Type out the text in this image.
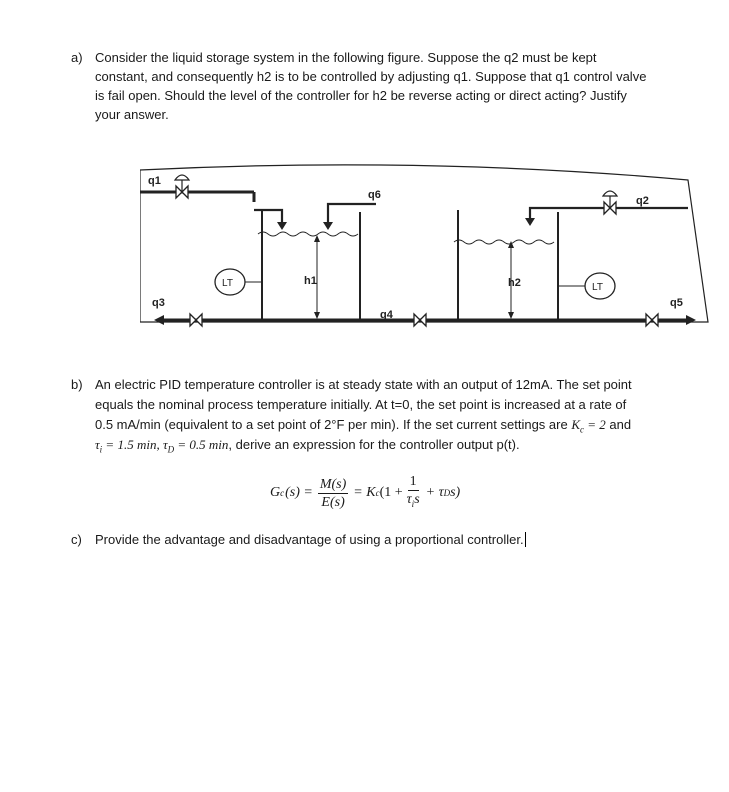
a) Consider the liquid storage system in the following figure. Suppose the q2 must be kept
constant, and consequently h2 is to be controlled by adjusting q1. Suppose that q1 control valve
is fail open. Should the level of the controller for h2 be reverse acting or direct acting? Justify
your answer.
q1
q6
h1
LT	h2
q2
LT
q3
q4
q5
b) An electric PID temperature controller is at steady state with an output of 12mA. The set point
equals the nominal process temperature initially. At t=0, the set point is increased at a rate of
0.5 mA/min (equivalent to a set point of 2°F per min). If the set current settings are $K_c = 2$ and
$\tau_i = 1.5$ min, $\tau_D = 0.5$ min, derive an expression for the controller output p(t).
G c $(s) = \frac{M(s)}{E(s)} = K$ c ($1 + \frac{1}{\tau_is} + \tau$ D s)
c) Provide the advantage and disadvantage of using a proportional controller.
